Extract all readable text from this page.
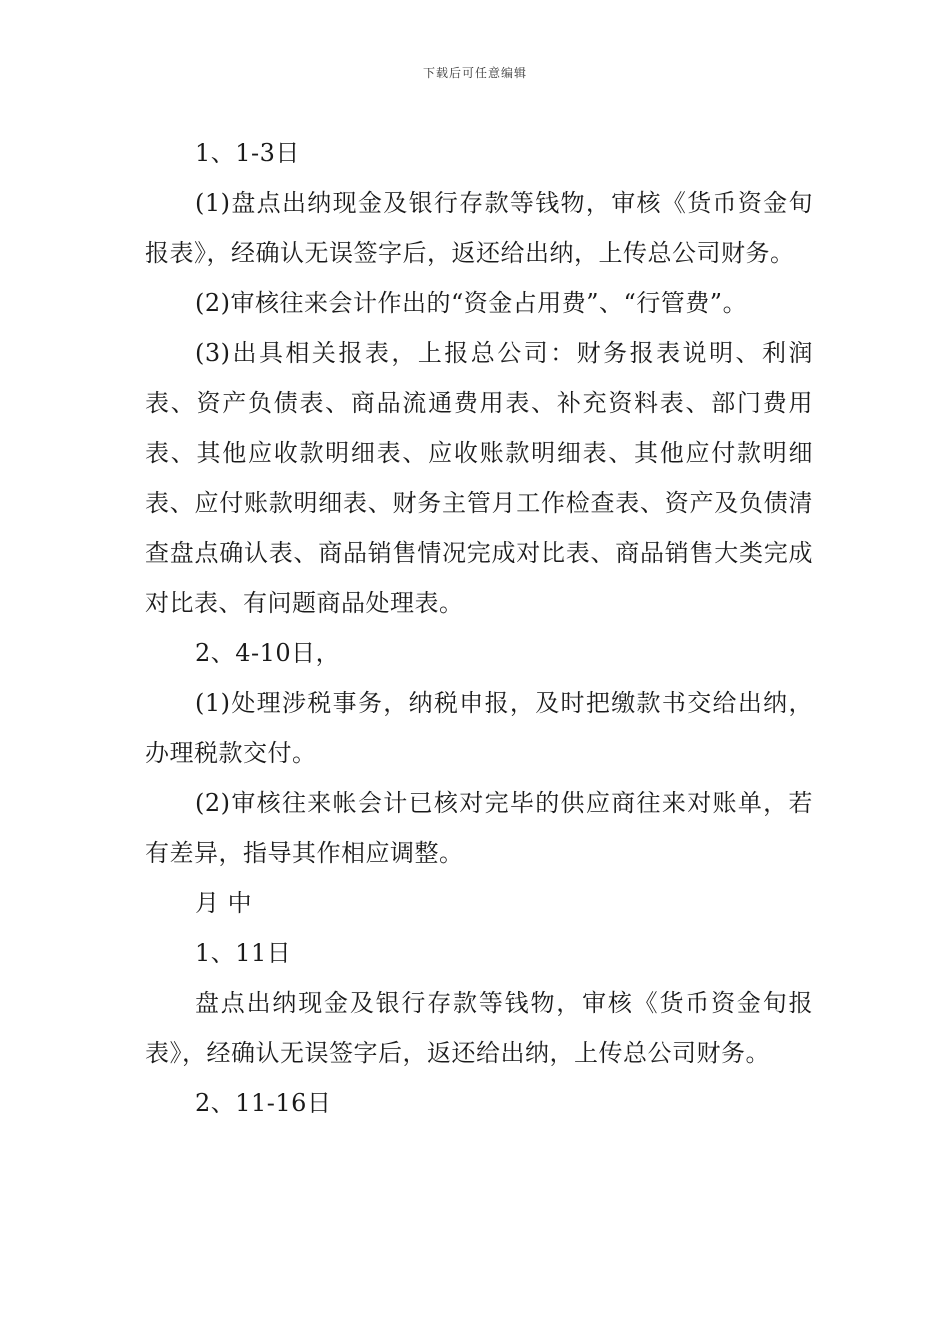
下载后可任意编辑

1、1-3日

(1)盘点出纳现金及银行存款等钱物，审核《货币资金旬报表》，经确认无误签字后，返还给出纳，上传总公司财务。

(2)审核往来会计作出的“资金占用费”、“行管费”。

(3)出具相关报表，上报总公司：财务报表说明、利润表、资产负债表、商品流通费用表、补充资料表、部门费用表、其他应收款明细表、应收账款明细表、其他应付款明细表、应付账款明细表、财务主管月工作检查表、资产及负债清查盘点确认表、商品销售情况完成对比表、商品销售大类完成对比表、有问题商品处理表。

2、4-10日，

(1)处理涉税事务，纳税申报，及时把缴款书交给出纳，办理税款交付。

(2)审核往来帐会计已核对完毕的供应商往来对账单，若有差异，指导其作相应调整。

月 中

1、11日

盘点出纳现金及银行存款等钱物，审核《货币资金旬报表》，经确认无误签字后，返还给出纳，上传总公司财务。

2、11-16日
